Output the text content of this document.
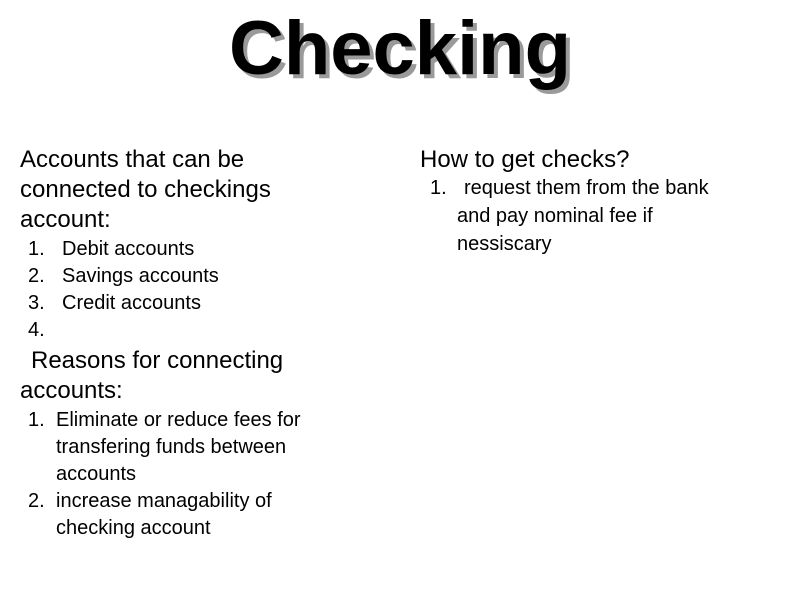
Checking

Accounts that can be

connected to checkings

account:

1. Debit accounts

2. Savings accounts

3. Credit accounts

4.

Reasons for connecting

accounts:

1. Eliminate or reduce fees for

transfering funds between

accounts

2. increase managability of

checking account

How to get checks?

1. request them from the bank

and pay nominal fee if

nessiscary
